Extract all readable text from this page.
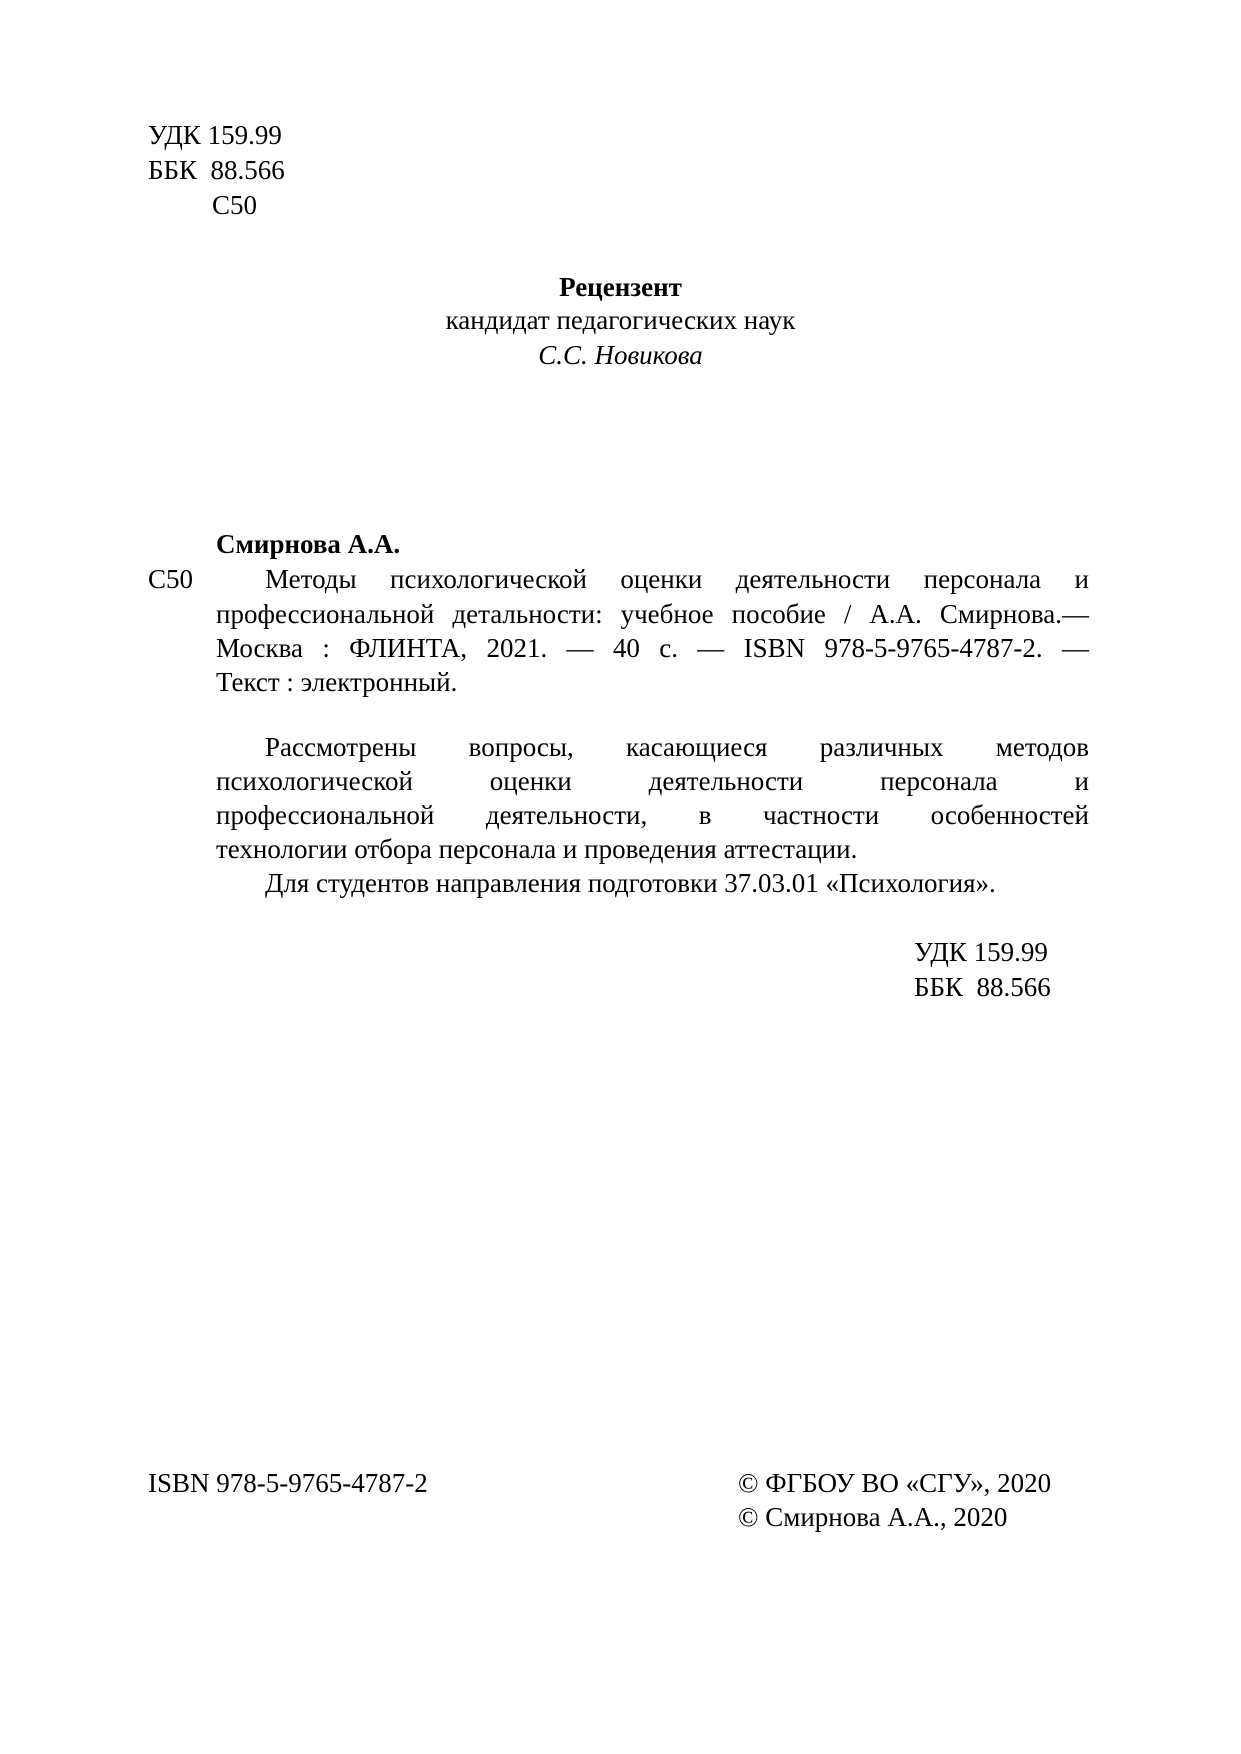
УДК 159.99
ББК  88.566
С50
Рецензент
кандидат педагогических наук
С.С. Новикова
Смирнова А.А.
С50	Методы психологической оценки деятельности персонала и
профессиональной детальности: учебное пособие / А.А. Смирнова.—
Москва : ФЛИНТА, 2021. — 40 с. — ISBN 978-5-9765-4787-2. —
Текст : электронный.
Рассмотрены вопросы, касающиеся различных методов
психологической оценки деятельности персонала и
профессиональной деятельности, в частности особенностей
технологии отбора персонала и проведения аттестации.
Для студентов направления подготовки 37.03.01 «Психология».
УДК 159.99
ББК  88.566
ISBN 978-5-9765-4787-2	© ФГБОУ ВО «СГУ», 2020
© Смирнова А.А., 2020
